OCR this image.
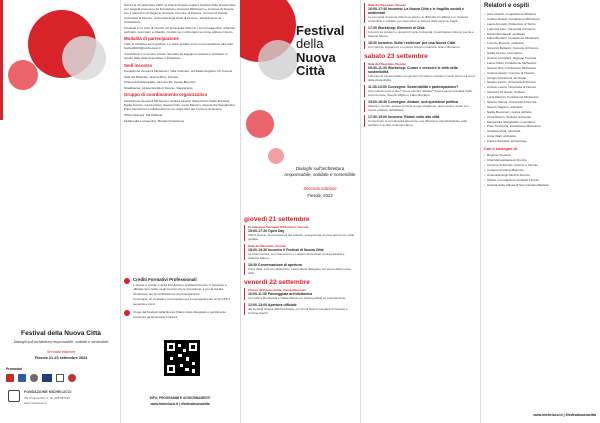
Festival della Nuova Città
Dialoghi sull'architettura responsabile, solidale e sostenibile
Seconda edizione
Fiesole 21-23 settembre 2023
Promotori
FONDAZIONE MICHELUCCI
Via IV Novembre 1, tel. 055 597149
www.michelucci.it

Dal 21 al 23 settembre 2023, la città di Fiesole ospita il Festival della Nuova Città, con progetti promosso da Fondazione Giovanni Michelucci e Comune di Fiesole con il patrocinio di Regione Toscana, Comune di Firenze, Comuni di Pistoia, Università di Firenze, Università degli Studi di Firenze - Dipartimento di Architettura.

Il festival è un ciclo di incontri sul tema della città con i suoi protagonisti, urbanisti, architetti, ricercatori e cittadini, riunitisi per confrontarsi su come abitare il futuro.

Modalità di partecipazione

Tutte le iniziative sono gratuite. Le visite guidate sono su prenotazione alla mail: festival2023@michelucci.it

Il workshop è a numero chiuso riservato ad ingegneri, laureati e architetti, in scuole Sala delle Assemblee e Prefetture.

Sedi incontro

Fondazione Giovanni Michelucci, Villa Il Roseto, via Beato Angelico 15, Fiesole

Sala del Basolato, piazza Mino, Fiesole

Chiesa dell'Autostrada, via Liste 82, Campi Bisenzio

Stradivarius, strada facoltà di Fiesole, Dappertutto

Gruppo di coordinamento organizzativo

Fondazione Giovanni Michelucci: Andrea Aleardi, Silvia Aloisi, Fabio Bonfanti, Nadia Caruso, Laura Chiari, Saverio Dini, Lucia Mancini, Alessandra Stanghellini, Piero Tamburini in collaborazione con degli uffici del Comune di Fiesole.

Ufficio Stampa: Pia Pallante

Multimedia e streaming: Muvalè Produzione

Crediti Formativi Professionali

e scuole e scuole e della Fondazione Architetti Firenze. Il presente è ufficiale dei crediti, negli incontri che le prevedono, e per la durata d'interesse per la certificazione di partecipazione.

Consegna: un Festival e riconosciuto per il conseguimento di 12 CFP a seconda e corsi.

Il logo del Festival della Nuova Città è stato disegnato e gentilmente concesso da Emanuele Frantoni.

INFO, PROGRAMMI E AGGIORNAMENTI
www.michelucci.it | #festivalnuovacitta
Festival
della
Nuova
Città
Dialoghi sull'architettura responsabile, solidale e sostenibile
Seconda edizione
Fiesole, 2023
giovedì 21 settembre
Fondazione Giovanni Michelucci, Fiesole
15:00-17:30 Open Day
Villa Il Roseto, la conoscenza del castello, una giornata di porte aperte per visite guidate.
Sala del Basolato, Fiesole
18:00-19:30 Incontro Il Festival di Nuova Città
La città incontra, con l'Assessore e i relatori del festival: Andrea Aleardi e Caterina Mauro.
18:30 Conversazione di apertura
Anna Vitali, Lorenzo Mastrovito, Laura Maria dialogano sul senso della nuova città.
venerdì 22 settembre
Chiesa dell'Autostrada, Campi Bisenzio
10:00-11:30 Passeggiata architettonica
con Gianni Bondanelli e Nadia Musumeci (visita guidata su prenotazione)
12:00-13:00 Apertura ufficiale
del Festival Chiesa dell'Autostrada, con Anna Ravoni (sindaca di Fiesole) e Cristina Giachi.
Sala del Basolato, Fiesole
16:00-17:30 Incontro: La Nuova Città e le fragilità sociali e ambientali
Le comunità di questa città dove stanno le difficoltà più diffuse e in rinascita sostenibile e solidale, per rispondere ai bisogni delle persone fragili.
17:30 Workshop: Elementi di Città
Incontro tra studenti e docenti di varie Università: Coordinatore Antonio Lauria e Saverio Mecca.
18:30 Incontro: Sulla 'resilienza' per una Nuova Città
Con Giorgio Giovannini e Lorenzo Gianni moderano Gianni Bonanno.
sabato 23 settembre
Sala del Basolato, Fiesole
09:30-11:30 Workshop: Curare e crescere le città nella sostenibilità
Laboratorio esperienziale con giovani che hanno operato in varie forme sul tema della sostenibilità.
11:30-13:00 Convegno: Sostenibilità e partecipazione?
Che relazione fra le due? Come cambia l'abitare? Intervengono Annalisa Vitali, Lorenzo Aste, Saverio Miglioni, Fabio Bonfanti.
15:00-16:30 Convegno: Abitare, una questione politica
Abitare e mondo, acceso ai rischi di ogni situazione, deve essere risolto con nuove politiche dell'abitare.
17:30-19:00 Incontro: Ridare volto alla città
Comunicare le complessità attraverso una riflessione interdisciplinare sulle periferie e la città contemporanea.
Relatori e ospiti
• Alice Aleardi, progettista architettura
• Andrea Aleardi, Fondazione Michelucci
• Laura Amoretti, Politecnico di Torino
• Ludovica Aste, Università di Firenze
• Gianni Bondanelli, architetto
• Fabio Bonfanti, Fondazione Michelucci
• Lorenzo Brunetti, urbanista
• Giovanni Bettarini, Comune di Firenze
• Nadia Caruso, ricercatrice
• Antonio Cristofani, Regione Toscana
• Laura Chiari, Fondazione Michelucci
• Saverio Dini, Fondazione Michelucci
• Cristina Giachi, Comune di Firenze
• Giorgio Giovannini, architetto
• Sandro Fattori, Università di Firenze
• Antonio Lauria, Università di Firenze
• Vincenzo Di Nardo, Sindaco
• Lucia Mancini, Fondazione Michelucci
• Saverio Mecca, Università di Firenze
• Saverio Miglioni, architetto
• Nadia Musumeci, storica dell'arte
• Anna Ravoni, Sindaca di Fiesole
• Alessandra Stanghellini, ricercatrice
• Piero Tamburini, Fondazione Michelucci
• Annalisa Vitali, urbanista
• Anna Vitali, architetta
• Franco Zaccaria, antropologo
Con il sostegno di
• Regione Toscana
• Città Metropolitana di Firenze
• Comune di Firenze, Firenze e Fiesole
• Comune di Campi Bisenzio
• Università degli Studi di Firenze
• Ordine e Fondazione Architetti Firenze
• Autorità della Chiesa di San Giovanni Battista
www.michelucci.it | #festivalnuovacitta
